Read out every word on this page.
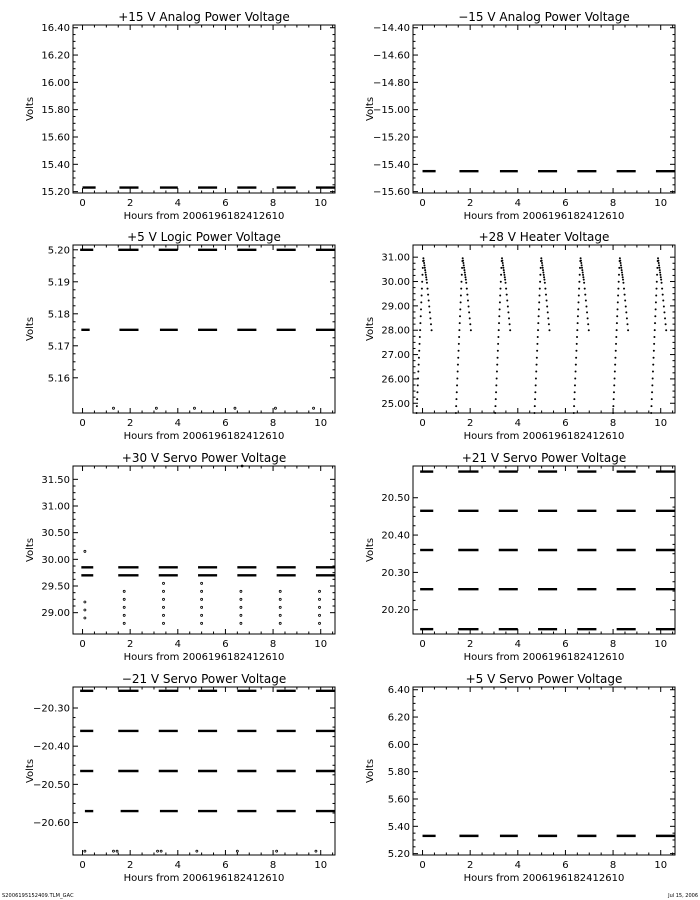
+15 V Analog Power Voltage
Hours from 2006196182412610
Volts
0	2	4	6	8	10
15.20
15.40
15.60
15.80
16.00
16.20
16.40
−15 V Analog Power Voltage
Hours from 2006196182412610
Volts
0	2	4	6	8	10
−15.60
−15.40
−15.20
−15.00
−14.80
−14.60
−14.40
+5 V Logic Power Voltage
Hours from 2006196182412610
Volts
0	2	4	6	8	10
5.16
5.17
5.18
5.19
5.20
+28 V Heater Voltage
Hours from 2006196182412610
Volts
0	2	4	6	8	10
25.00
26.00
27.00
28.00
29.00
30.00
31.00
+30 V Servo Power Voltage
Hours from 2006196182412610
Volts
0	2	4	6	8	10
29.00
29.50
30.00
30.50
31.00
31.50
+21 V Servo Power Voltage
Hours from 2006196182412610
Volts
0	2	4	6	8	10
20.20
20.30
20.40
20.50
−21 V Servo Power Voltage
Hours from 2006196182412610
Volts
0	2	4	6	8	10
−20.60
−20.50
−20.40
−20.30
+5 V Servo Power Voltage
Hours from 2006196182412610
Volts
0	2	4	6	8	10
5.20
5.40
5.60
5.80
6.00
6.20
6.40
S2006195152409.TLM_GAC	Jul 15, 2006
